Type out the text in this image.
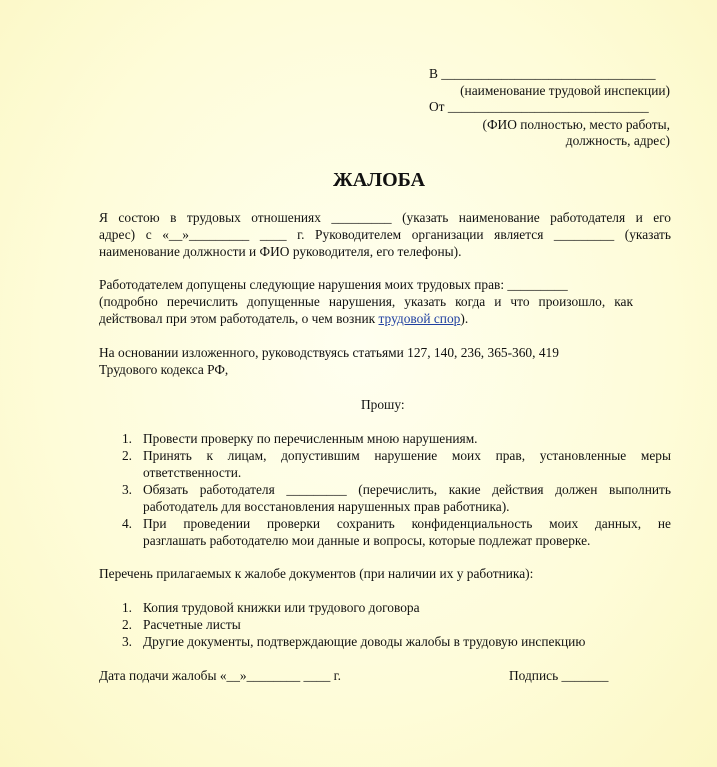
В ________________________________
(наименование трудовой инспекции)
От ______________________________
(ФИО полностью, место работы,
должность, адрес)
ЖАЛОБА
Я состою в трудовых отношениях _________ (указать наименование работодателя и его
адрес) с «__»_________ ____ г. Руководителем организации является _________ (указать
наименование должности и ФИО руководителя, его телефоны).
Работодателем допущены следующие нарушения моих трудовых прав: _________
(подробно перечислить допущенные нарушения, указать когда и что произошло, как
действовал при этом работодатель, о чем возник трудовой спор).
На основании изложенного, руководствуясь статьями 127, 140, 236, 365-360, 419
Трудового кодекса РФ,
Прошу:
1. Провести проверку по перечисленным мною нарушениям.
2. Принять к лицам, допустившим нарушение моих прав, установленные меры
ответственности.
3. Обязать работодателя _________ (перечислить, какие действия должен выполнить
работодатель для восстановления нарушенных прав работника).
4. При проведении проверки сохранить конфиденциальность моих данных, не
разглашать работодателю мои данные и вопросы, которые подлежат проверке.
Перечень прилагаемых к жалобе документов (при наличии их у работника):
1. Копия трудовой книжки или трудового договора
2. Расчетные листы
3. Другие документы, подтверждающие доводы жалобы в трудовую инспекцию
Дата подачи жалобы «__»________ ____ г.	Подпись _______
